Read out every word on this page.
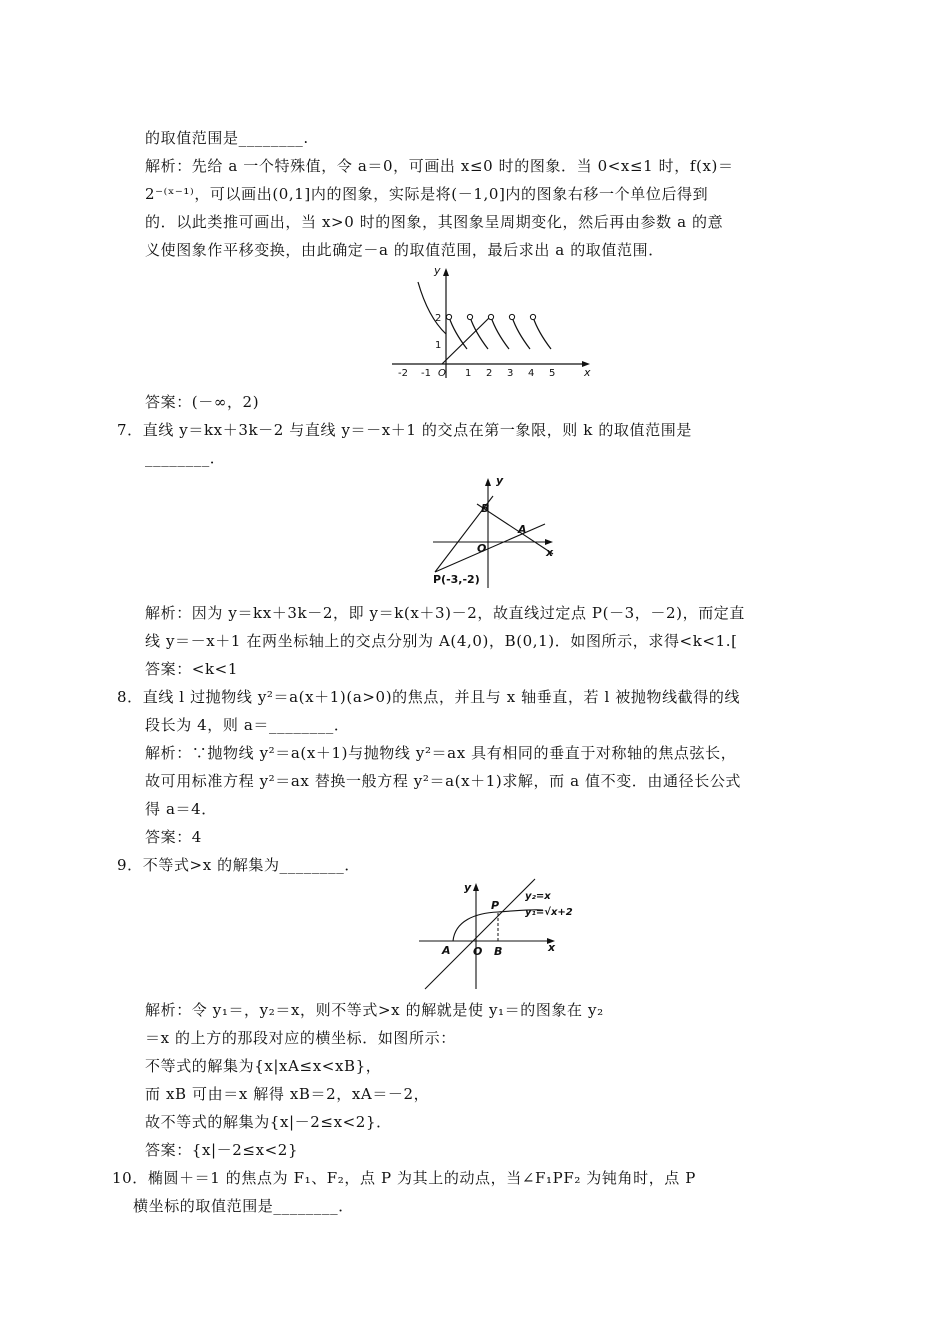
的取值范围是________.
解析：先给 a 一个特殊值，令 a＝0，可画出 x≤0 时的图象．当 0<x≤1 时，f(x)＝
2⁻⁽ˣ⁻¹⁾，可以画出(0,1]内的图象，实际是将(－1,0]内的图象右移一个单位后得到
的．以此类推可画出，当 x>0 时的图象，其图象呈周期变化，然后再由参数 a 的意
义使图象作平移变换，由此确定－a 的取值范围，最后求出 a 的取值范围．
答案：(－∞，2)
7．直线 y＝kx＋3k－2 与直线 y＝－x＋1 的交点在第一象限，则 k 的取值范围是
________．
解析：因为 y＝kx＋3k－2，即 y＝k(x＋3)－2，故直线过定点 P(－3，－2)，而定直
线 y＝－x＋1 在两坐标轴上的交点分别为 A(4,0)，B(0,1)．如图所示，求得<k<1.[
答案：<k<1
8．直线 l 过抛物线 y²＝a(x＋1)(a>0)的焦点，并且与 x 轴垂直，若 l 被抛物线截得的线
段长为 4，则 a＝________．
解析：∵抛物线 y²＝a(x＋1)与抛物线 y²＝ax 具有相同的垂直于对称轴的焦点弦长，
故可用标准方程 y²＝ax 替换一般方程 y²＝a(x＋1)求解，而 a 值不变．由通径长公式
得 a＝4．
答案：4
9．不等式>x 的解集为________．
解析：令 y₁＝，y₂＝x，则不等式>x 的解就是使 y₁＝的图象在 y₂
＝x 的上方的那段对应的横坐标．如图所示：
不等式的解集为{x|xA≤x<xB}，
而 xB 可由＝x 解得 xB＝2，xA＝－2，
故不等式的解集为{x|－2≤x<2}．
答案：{x|－2≤x<2}
10．椭圆＋＝1 的焦点为 F₁、F₂，点 P 为其上的动点，当∠F₁PF₂ 为钝角时，点 P
横坐标的取值范围是________．
y
x
2
1
O
-2 -1	1 2 3 4 5
y
x
B
A
O
P(-3,-2)
y
x
P
y₂=x
y₁=√x+2
A O B
